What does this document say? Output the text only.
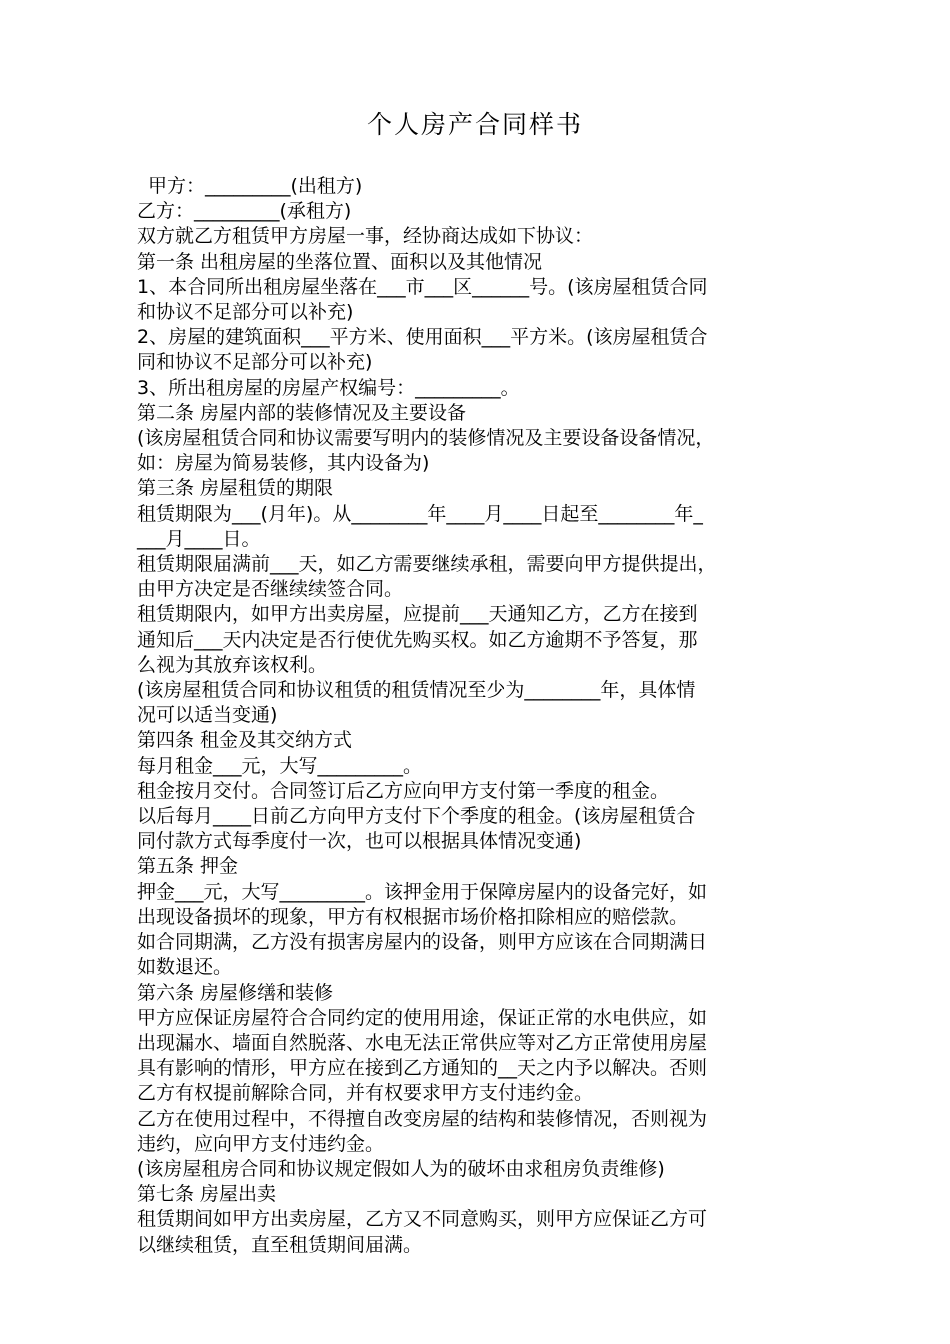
个人房产合同样书

甲方：_________(出租方)

乙方：_________(承租方)

双方就乙方租赁甲方房屋一事，经协商达成如下协议：

第一条 出租房屋的坐落位置、面积以及其他情况

1、本合同所出租房屋坐落在___市___区______号。(该房屋租赁合同

和协议不足部分可以补充)

2、房屋的建筑面积___平方米、使用面积___平方米。(该房屋租赁合

同和协议不足部分可以补充)

3、所出租房屋的房屋产权编号：_________。

第二条 房屋内部的装修情况及主要设备

(该房屋租赁合同和协议需要写明内的装修情况及主要设备设备情况，

如：房屋为简易装修，其内设备为)

第三条 房屋租赁的期限

租赁期限为___(月年)。从________年____月____日起至________年_

___月____日。

租赁期限届满前___天，如乙方需要继续承租，需要向甲方提供提出，

由甲方决定是否继续续签合同。

租赁期限内，如甲方出卖房屋，应提前___天通知乙方，乙方在接到

通知后___天内决定是否行使优先购买权。如乙方逾期不予答复，那

么视为其放弃该权利。

(该房屋租赁合同和协议租赁的租赁情况至少为________年，具体情

况可以适当变通)

第四条 租金及其交纳方式

每月租金___元，大写_________。

租金按月交付。合同签订后乙方应向甲方支付第一季度的租金。

以后每月____日前乙方向甲方支付下个季度的租金。(该房屋租赁合

同付款方式每季度付一次，也可以根据具体情况变通)

第五条 押金

押金___元，大写_________。该押金用于保障房屋内的设备完好，如

出现设备损坏的现象，甲方有权根据市场价格扣除相应的赔偿款。

如合同期满，乙方没有损害房屋内的设备，则甲方应该在合同期满日

如数退还。

第六条 房屋修缮和装修

甲方应保证房屋符合合同约定的使用用途，保证正常的水电供应，如

出现漏水、墙面自然脱落、水电无法正常供应等对乙方正常使用房屋

具有影响的情形，甲方应在接到乙方通知的__天之内予以解决。否则

乙方有权提前解除合同，并有权要求甲方支付违约金。

乙方在使用过程中，不得擅自改变房屋的结构和装修情况，否则视为

违约，应向甲方支付违约金。

(该房屋租房合同和协议规定假如人为的破坏由求租房负责维修)

第七条 房屋出卖

租赁期间如甲方出卖房屋，乙方又不同意购买，则甲方应保证乙方可

以继续租赁，直至租赁期间届满。
